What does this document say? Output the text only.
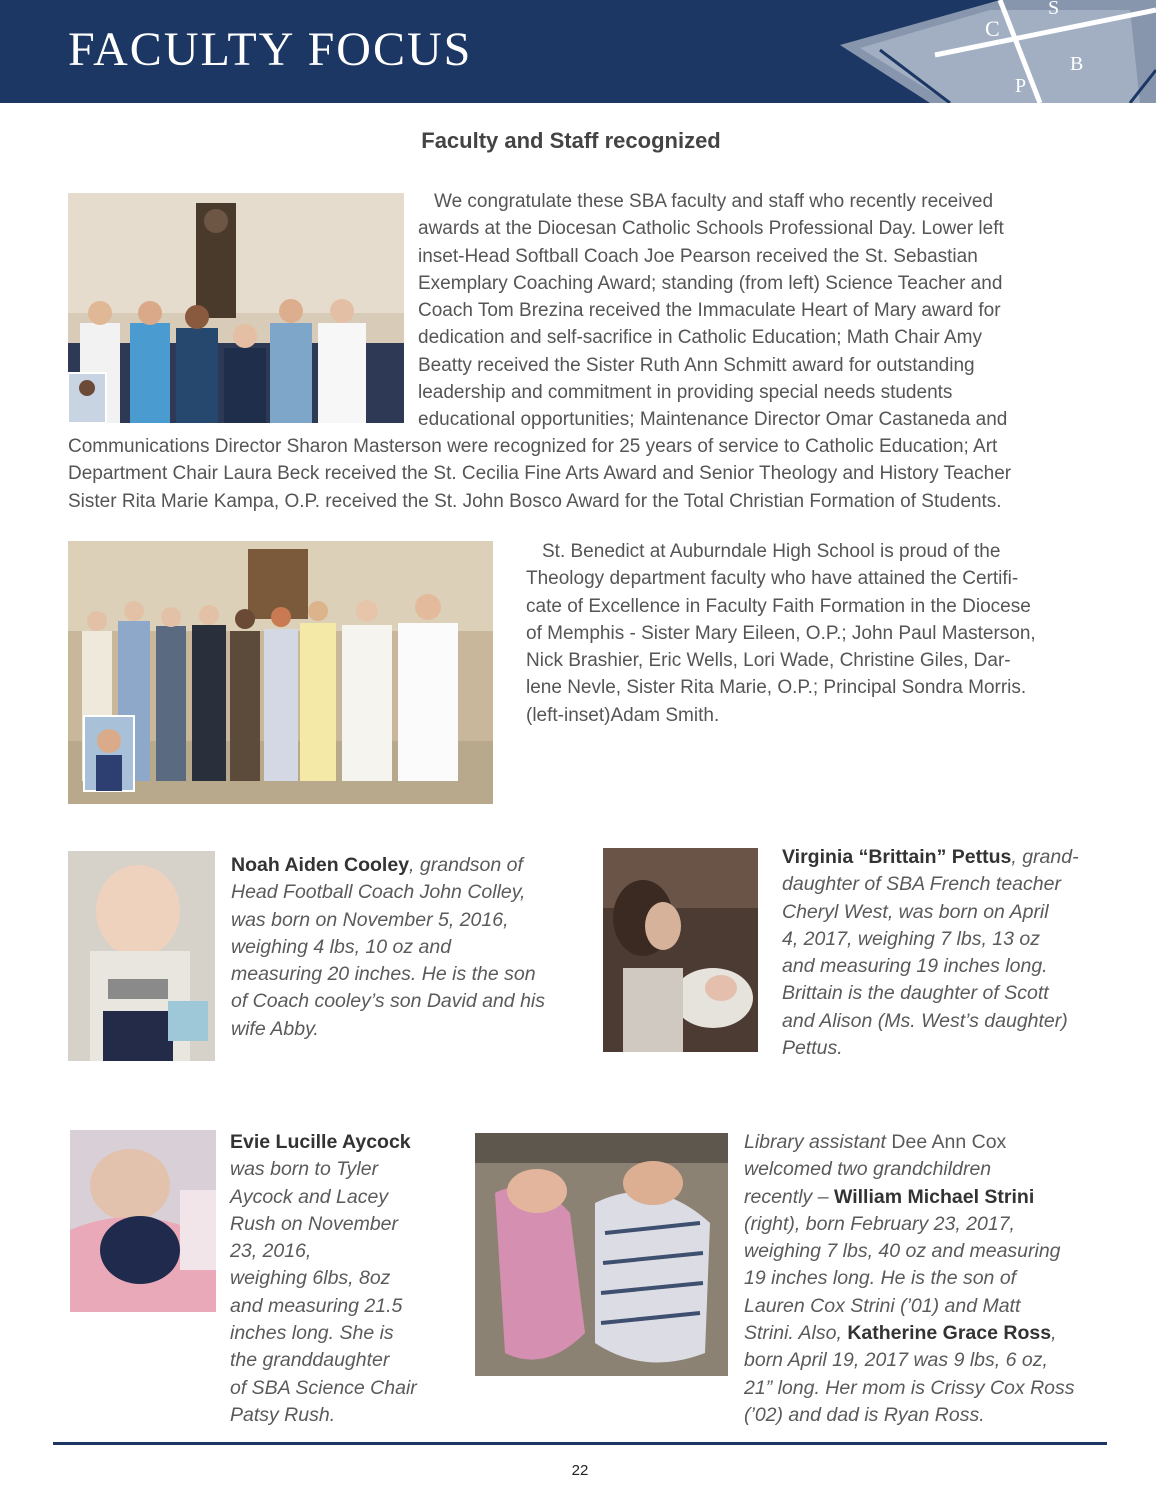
FACULTY FOCUS	C
S
B
P
Faculty and Staff recognized
We congratulate these SBA faculty and staff who recently received
awards at the Diocesan Catholic Schools Professional Day. Lower left
inset-Head Softball Coach Joe Pearson received the St. Sebastian
Exemplary Coaching Award; standing (from left) Science Teacher and
Coach Tom Brezina received the Immaculate Heart of Mary award for
dedication and self-sacrifice in Catholic Education; Math Chair Amy
Beatty received the Sister Ruth Ann Schmitt award for outstanding
leadership and commitment in providing special needs students
educational opportunities; Maintenance Director Omar Castaneda and
Communications Director Sharon Masterson were recognized for 25 years of service to Catholic Education; Art
Department Chair Laura Beck received the St. Cecilia Fine Arts Award and Senior Theology and History Teacher
Sister Rita Marie Kampa, O.P. received the St. John Bosco Award for the Total Christian Formation of Students.
St. Benedict at Auburndale High School is proud of the
Theology department faculty who have attained the Certifi-
cate of Excellence in Faculty Faith Formation in the Diocese
of Memphis - Sister Mary Eileen, O.P.; John Paul Masterson,
Nick Brashier, Eric Wells, Lori Wade, Christine Giles, Dar-
lene Nevle, Sister Rita Marie, O.P.; Principal Sondra Morris.
(left-inset)Adam Smith.
Noah Aiden Cooley, grandson of
Head Football Coach John Colley,
was born on November 5, 2016,
weighing 4 lbs, 10 oz and
measuring 20 inches. He is the son
of Coach cooley’s son David and his
wife Abby.
Virginia “Brittain” Pettus, grand-
daughter of SBA French teacher
Cheryl West, was born on April
4, 2017, weighing 7 lbs, 13 oz
and measuring 19 inches long.
Brittain is the daughter of Scott
and Alison (Ms. West’s daughter)
Pettus.
Evie Lucille Aycock
was born to Tyler
Aycock and Lacey
Rush on November
23, 2016,
weighing 6lbs, 8oz
and measuring 21.5
inches long. She is
the granddaughter
of SBA Science Chair
Patsy Rush.
Library assistant Dee Ann Cox
welcomed two grandchildren
recently – William Michael Strini
(right), born February 23, 2017,
weighing 7 lbs, 40 oz and measuring
19 inches long. He is the son of
Lauren Cox Strini (’01) and Matt
Strini. Also, Katherine Grace Ross,
born April 19, 2017 was 9 lbs, 6 oz,
21” long. Her mom is Crissy Cox Ross
(’02) and dad is Ryan Ross.
22
